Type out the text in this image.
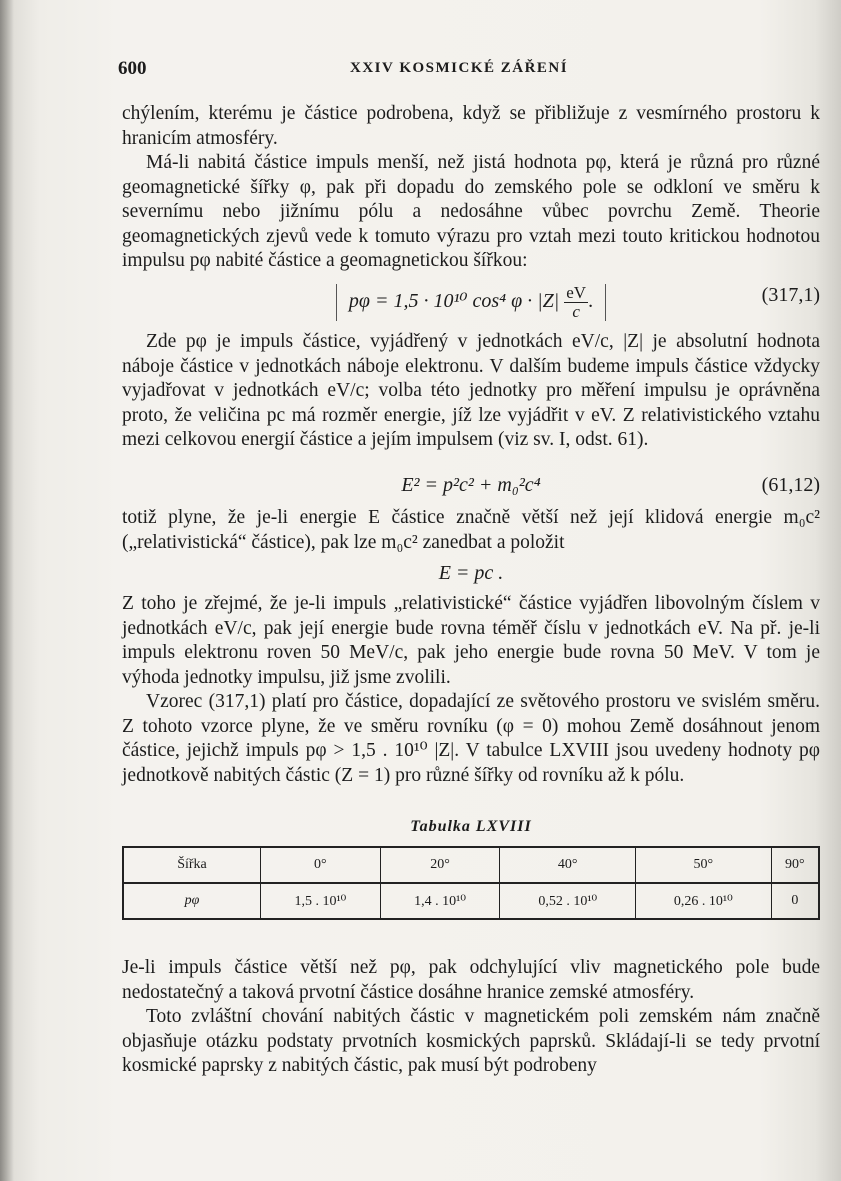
600	XXIV KOSMICKÉ ZÁŘENÍ

chýlením, kterému je částice podrobena, když se přibližuje z vesmírného prostoru k hranicím atmosféry.

Má-li nabitá částice impuls menší, než jistá hodnota pφ, která je různá pro různé geomagnetické šířky φ, pak při dopadu do zemského pole se odkloní ve směru k severnímu nebo jižnímu pólu a nedosáhne vůbec povrchu Země. Theorie geomagnetických zjevů vede k tomuto výrazu pro vztah mezi touto kritickou hodnotou impulsu pφ nabité částice a geomagnetickou šířkou:

pφ = 1,5 · 10¹⁰ cos⁴ $\varphi \cdot |Z| \frac{eV}{c}$ .	(317,1)

Zde pφ je impuls částice, vyjádřený v jednotkách eV/c, |Z| je absolutní hodnota náboje částice v jednotkách náboje elektronu. V dalším budeme impuls částice vždycky vyjadřovat v jednotkách eV/c; volba této jednotky pro měření impulsu je oprávněna proto, že veličina pc má rozměr energie, jíž lze vyjádřit v eV. Z relativistického vztahu mezi celkovou energií částice a jejím impulsem (viz sv. I, odst. 61).

E² = p²c² + m₀²c⁴	(61,12)

totiž plyne, že je-li energie E částice značně větší než její klidová energie m₀c² („relativistická“ částice), pak lze m₀c² zanedbat a položit

E = pc .

Z toho je zřejmé, že je-li impuls „relativistické“ částice vyjádřen libovolným číslem v jednotkách eV/c, pak její energie bude rovna téměř číslu v jednotkách eV. Na př. je-li impuls elektronu roven 50 MeV/c, pak jeho energie bude rovna 50 MeV. V tom je výhoda jednotky impulsu, již jsme zvolili.

Vzorec (317,1) platí pro částice, dopadající ze světového prostoru ve svislém směru. Z tohoto vzorce plyne, že ve směru rovníku (φ = 0) mohou Země dosáhnout jenom částice, jejichž impuls pφ > 1,5 . 10¹⁰ |Z|. V tabulce LXVIII jsou uvedeny hodnoty pφ jednotkově nabitých částic (Z = 1) pro různé šířky od rovníku až k pólu.

Tabulka LXVIII
Šířka	0°	20°	40°	50°	90°
pφ	1,5 . 10¹⁰	1,4 . 10¹⁰	0,52 . 10¹⁰	0,26 . 10¹⁰	0

Je-li impuls částice větší než pφ, pak odchylující vliv magnetického pole bude nedostatečný a taková prvotní částice dosáhne hranice zemské atmosféry.

Toto zvláštní chování nabitých částic v magnetickém poli zemském nám značně objasňuje otázku podstaty prvotních kosmických paprsků. Skládají-li se tedy prvotní kosmické paprsky z nabitých částic, pak musí být podrobeny
